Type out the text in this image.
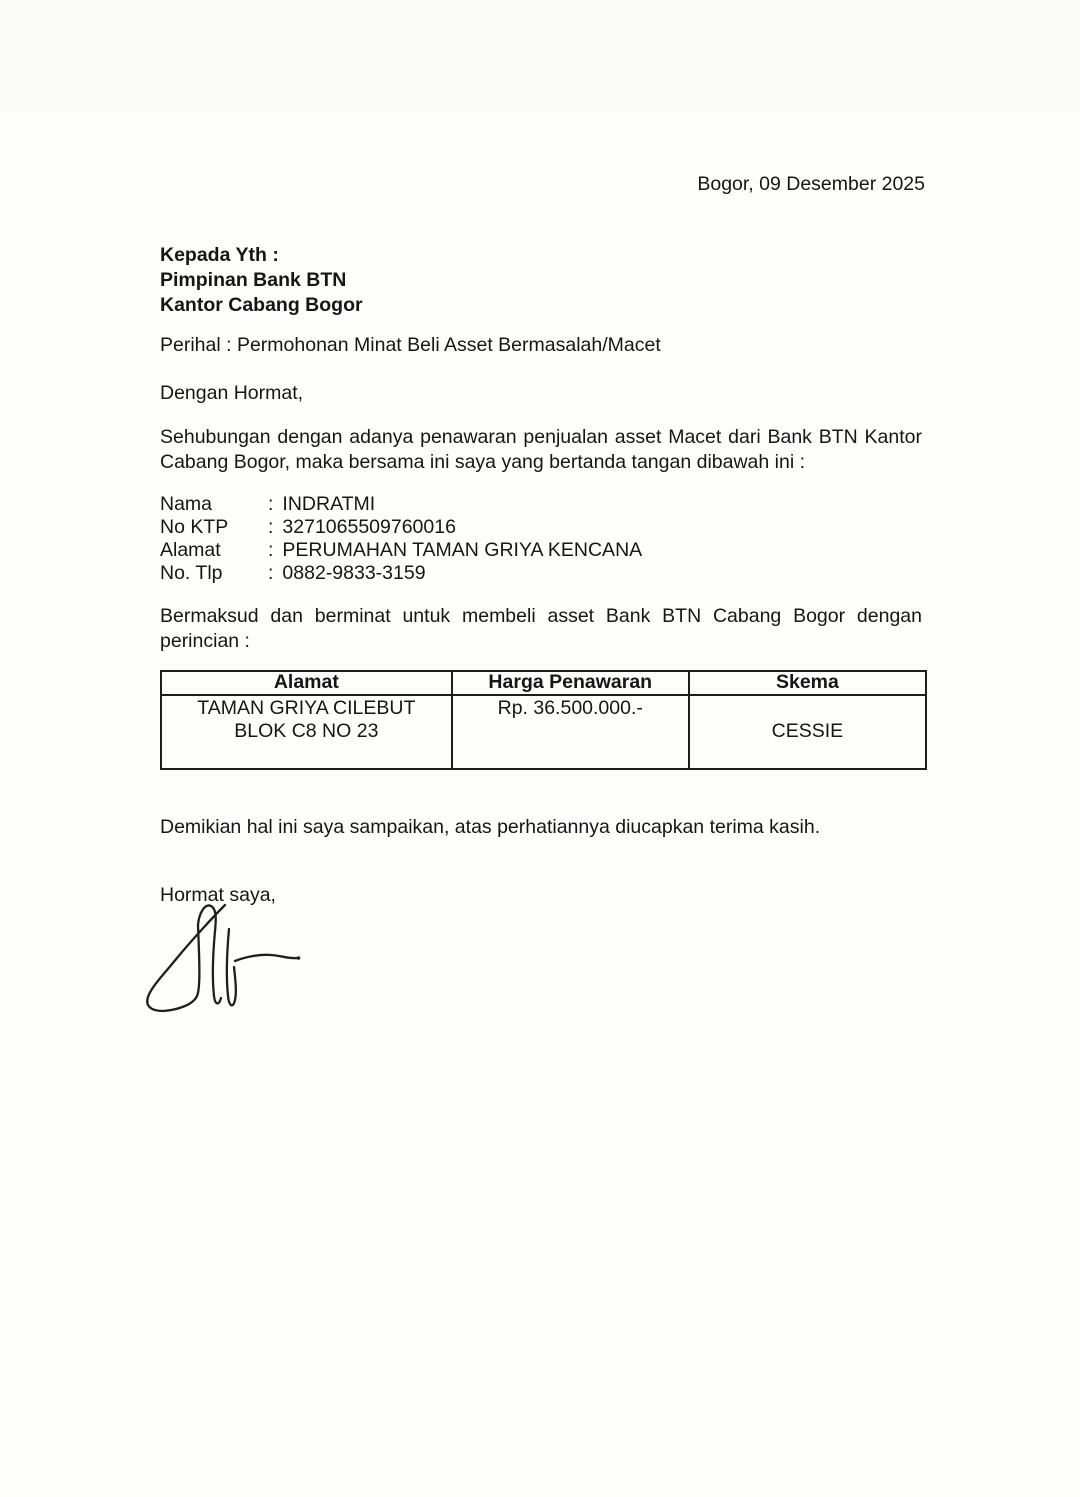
Bogor, 09 Desember 2025

Kepada Yth :

Pimpinan Bank BTN

Kantor Cabang Bogor

Perihal : Permohonan Minat Beli Asset Bermasalah/Macet

Dengan Hormat,

Sehubungan dengan adanya penawaran penjualan asset Macet dari Bank BTN Kantor Cabang Bogor, maka bersama ini saya yang bertanda tangan dibawah ini :

Nama	: INDRATMI
No KTP : 3271065509760016
Alamat : PERUMAHAN TAMAN GRIYA KENCANA
No. Tlp : 0882-9833-3159

Bermaksud dan berminat untuk membeli asset Bank BTN Cabang Bogor dengan perincian :

Alamat	Harga Penawaran	Skema

TAMAN GRIYA CILEBUT
BLOK C8 NO 23	Rp. 36.500.000.-	CESSIE

Demikian hal ini saya sampaikan, atas perhatiannya diucapkan terima kasih.

Hormat saya,
